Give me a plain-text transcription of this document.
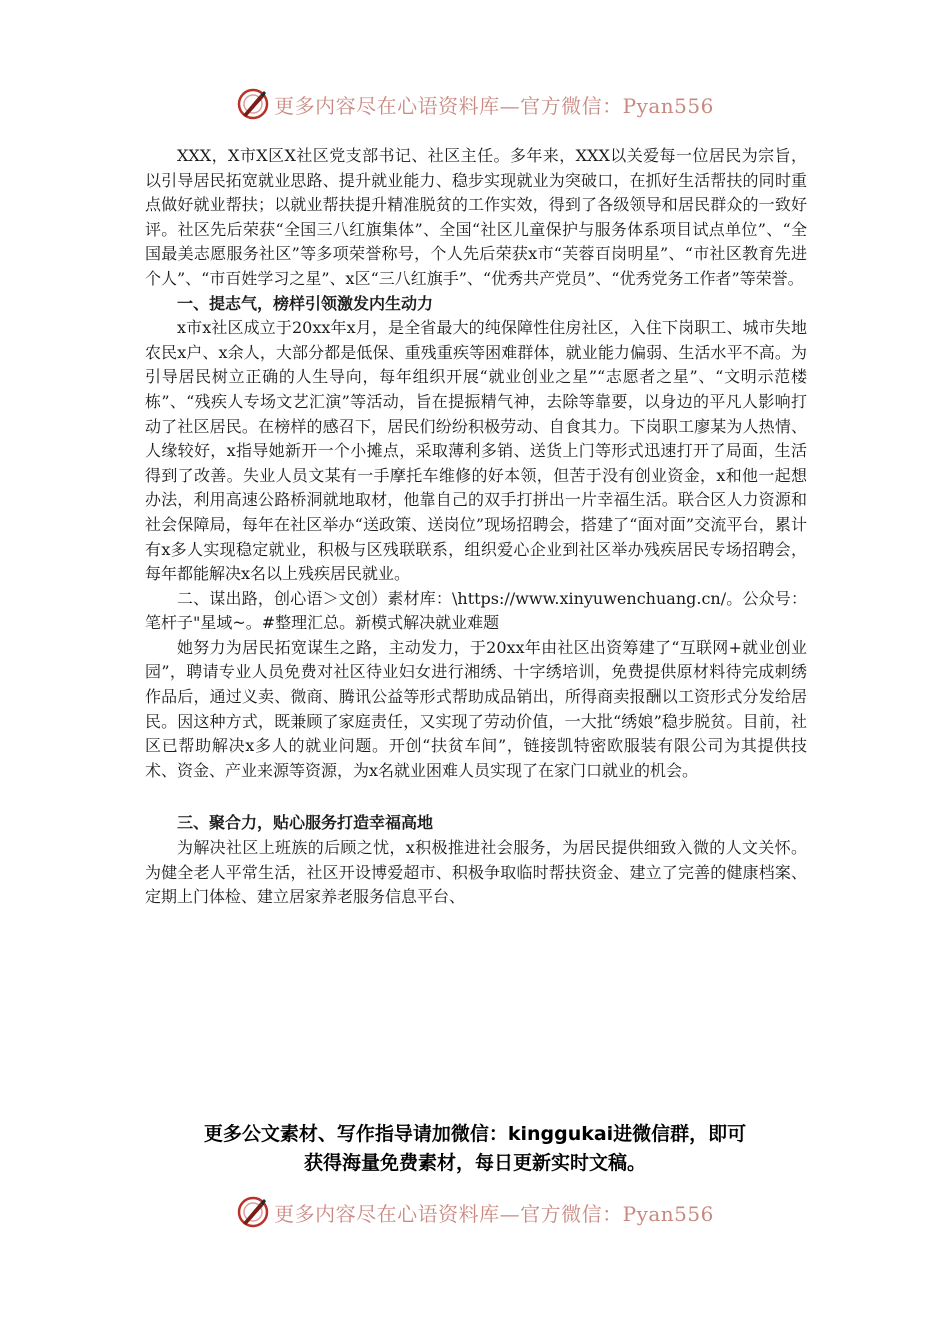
更多内容尽在心语资料库—官方微信：Pyan556

XXX，X市X区X社区党支部书记、社区主任。多年来，XXX以关爱每一位居民为宗旨，以引导居民拓宽就业思路、提升就业能力、稳步实现就业为突破口，在抓好生活帮扶的同时重点做好就业帮扶；以就业帮扶提升精准脱贫的工作实效，得到了各级领导和居民群众的一致好评。社区先后荣获“全国三八红旗集体”、全国“社区儿童保护与服务体系项目试点单位”、“全国最美志愿服务社区”等多项荣誉称号，个人先后荣获x市“芙蓉百岗明星”、“市社区教育先进个人”、“市百姓学习之星”、x区“三八红旗手”、“优秀共产党员”、“优秀党务工作者”等荣誉。

一、提志气，榜样引领激发内生动力

x市x社区成立于20xx年x月，是全省最大的纯保障性住房社区，入住下岗职工、城市失地农民x户、x余人，大部分都是低保、重残重疾等困难群体，就业能力偏弱、生活水平不高。为引导居民树立正确的人生导向，每年组织开展“就业创业之星”“志愿者之星”、“文明示范楼栋”、“残疾人专场文艺汇演”等活动，旨在提振精气神，去除等靠要，以身边的平凡人影响打动了社区居民。在榜样的感召下，居民们纷纷积极劳动、自食其力。下岗职工廖某为人热情、人缘较好，x指导她新开一个小摊点，采取薄利多销、送货上门等形式迅速打开了局面，生活得到了改善。失业人员文某有一手摩托车维修的好本领，但苦于没有创业资金，x和他一起想办法，利用高速公路桥洞就地取材，他靠自己的双手打拼出一片幸福生活。联合区人力资源和社会保障局，每年在社区举办“送政策、送岗位”现场招聘会，搭建了“面对面”交流平台，累计有x多人实现稳定就业，积极与区残联联系，组织爱心企业到社区举办残疾居民专场招聘会，每年都能解决x名以上残疾居民就业。

二、谋出路，创心语＞文创）素材库：\https://www.xinyuwenchuang.cn/。公众号：笔杆子"星域~。#整理汇总。新模式解决就业难题

她努力为居民拓宽谋生之路，主动发力，于20xx年由社区出资筹建了“互联网+就业创业园”，聘请专业人员免费对社区待业妇女进行湘绣、十字绣培训，免费提供原材料待完成刺绣作品后，通过义卖、微商、腾讯公益等形式帮助成品销出，所得商卖报酬以工资形式分发给居民。因这种方式，既兼顾了家庭责任，又实现了劳动价值，一大批“绣娘”稳步脱贫。目前，社区已帮助解决x多人的就业问题。开创“扶贫车间”，链接凯特密欧服装有限公司为其提供技术、资金、产业来源等资源，为x名就业困难人员实现了在家门口就业的机会。

三、聚合力，贴心服务打造幸福高地

为解决社区上班族的后顾之忧，x积极推进社会服务，为居民提供细致入微的人文关怀。为健全老人平常生活，社区开设博爱超市、积极争取临时帮扶资金、建立了完善的健康档案、定期上门体检、建立居家养老服务信息平台、

更多公文素材、写作指导请加微信：kinggukai进微信群，即可
获得海量免费素材，每日更新实时文稿。
更多内容尽在心语资料库—官方微信：Pyan556
